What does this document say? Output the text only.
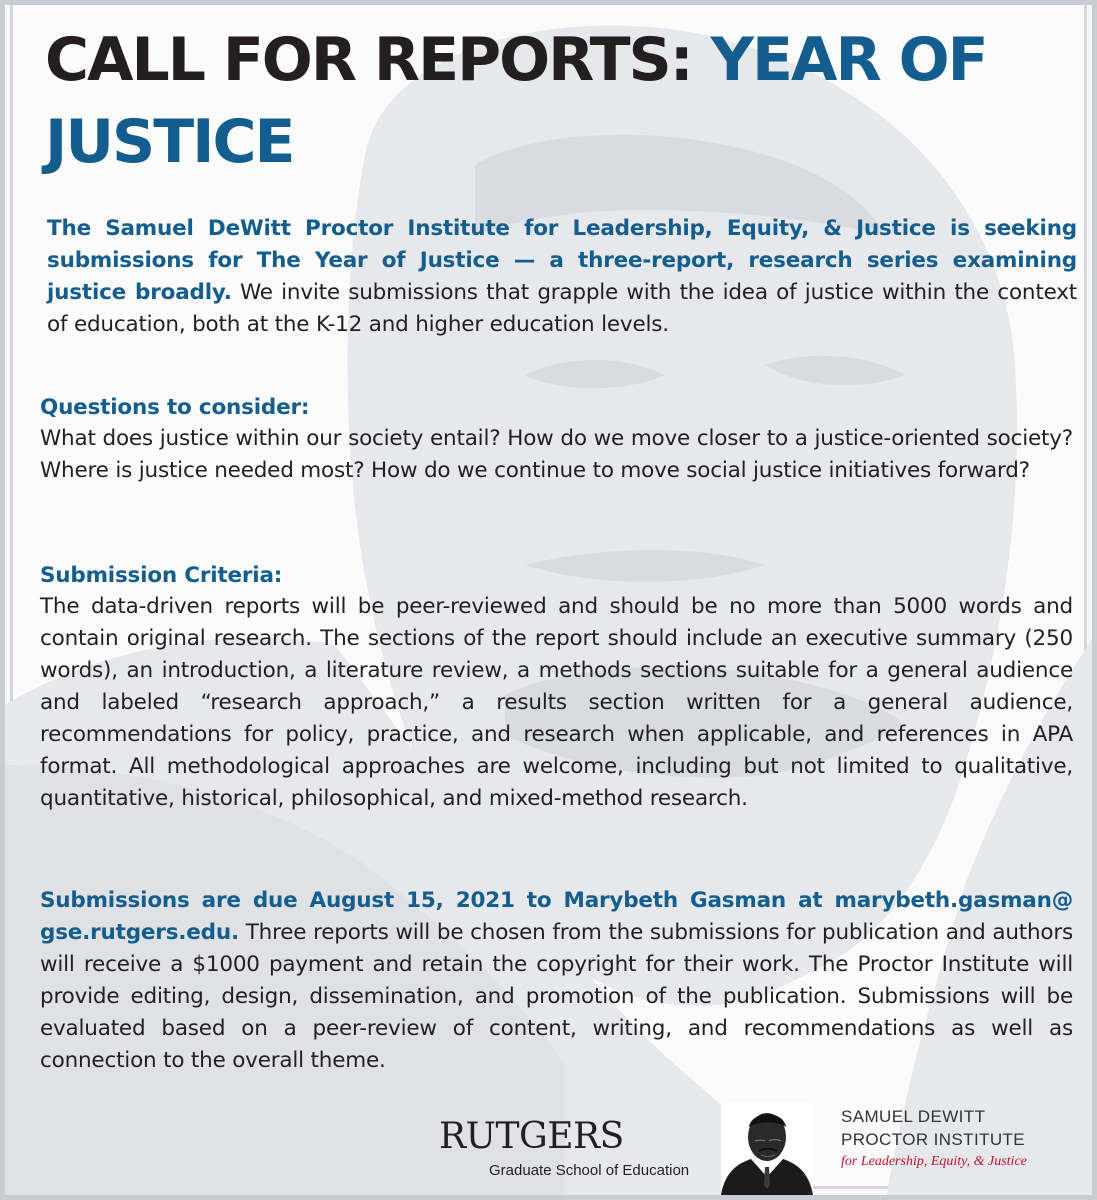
CALL FOR REPORTS: YEAR OF JUSTICE

The Samuel DeWitt Proctor Institute for Leadership, Equity, & Justice is seeking submissions for The Year of Justice — a three-report, research series examining justice broadly. We invite submissions that grapple with the idea of justice within the context of education, both at the K-12 and higher education levels.

Questions to consider:

What does justice within our society entail? How do we move closer to a justice-oriented society? Where is justice needed most? How do we continue to move social justice initiatives forward?

Submission Criteria:

The data-driven reports will be peer-reviewed and should be no more than 5000 words and contain original research. The sections of the report should include an executive summary (250 words), an introduction, a literature review, a methods sections suitable for a general audience and labeled “research approach,” a results section written for a general audience, recommendations for policy, practice, and research when applicable, and references in APA format. All methodological approaches are welcome, including but not limited to qualitative, quantitative, historical, philosophical, and mixed-method research.

Submissions are due August 15, 2021 to Marybeth Gasman at marybeth.gasman@ gse.rutgers.edu. Three reports will be chosen from the submissions for publication and authors will receive a $1000 payment and retain the copyright for their work. The Proctor Institute will provide editing, design, dissemination, and promotion of the publication. Submissions will be evaluated based on a peer-review of content, writing, and recommendations as well as connection to the overall theme.

RUTGERS
Graduate School of Education
SAMUEL DEWITT
PROCTOR INSTITUTE
for Leadership, Equity, & Justice
